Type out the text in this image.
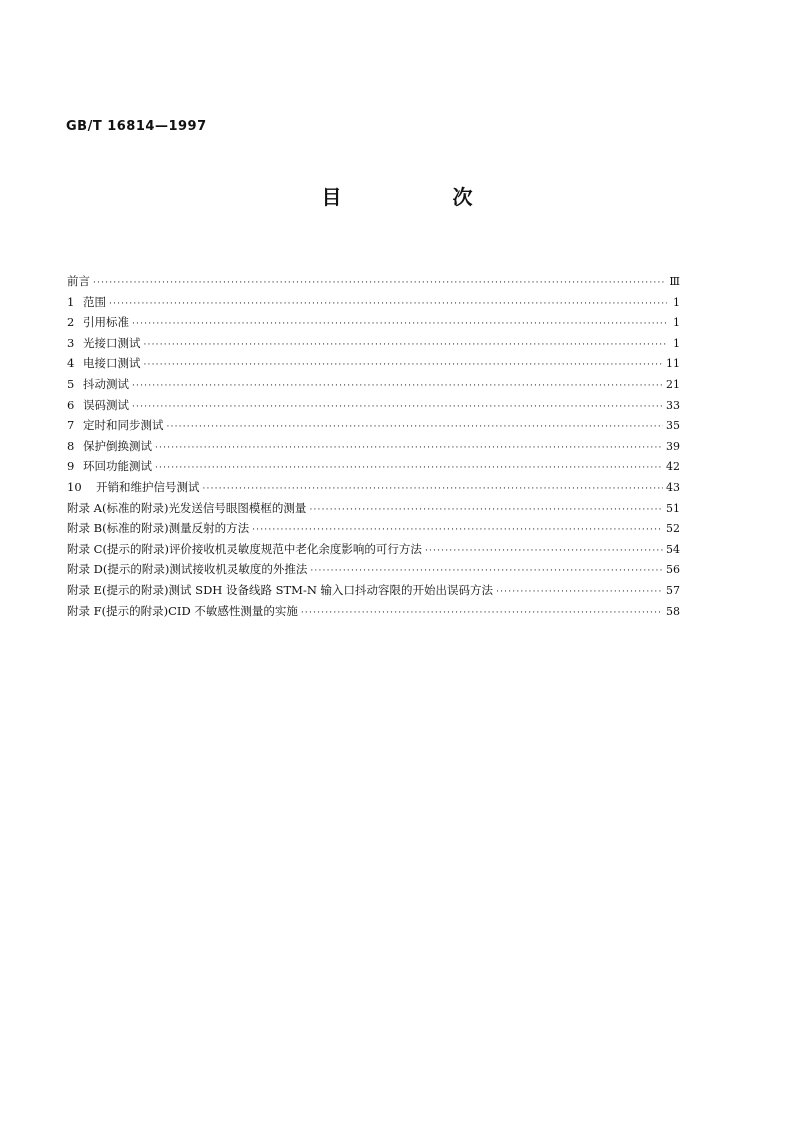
GB/T 16814—1997
目 次
前言 ·····	Ⅲ
1 范围 ·····	1
2 引用标准 ·····	1
3 光接口测试 ·····	1
4 电接口测试 ·····	11
5 抖动测试 ·····	21
6 误码测试 ·····	33
7 定时和同步测试 ·····	35
8 保护倒换测试 ·····	39
9 环回功能测试 ·····	42
10	开销和维护信号测试 ·····	43
附录 A(标准的附录) 光发送信号眼图模框的测量 ·····	51
附录 B(标准的附录) 测量反射的方法 ·····	52
附录 C(提示的附录) 评价接收机灵敏度规范中老化余度影响的可行方法 ·····	54
附录 D(提示的附录) 测试接收机灵敏度的外推法 ·····	56
附录 E(提示的附录) 测试 SDH 设备线路 STM-N 输入口抖动容限的开始出误码方法 ·····	57
附录 F(提示的附录) CID 不敏感性测量的实施 ·····	58
